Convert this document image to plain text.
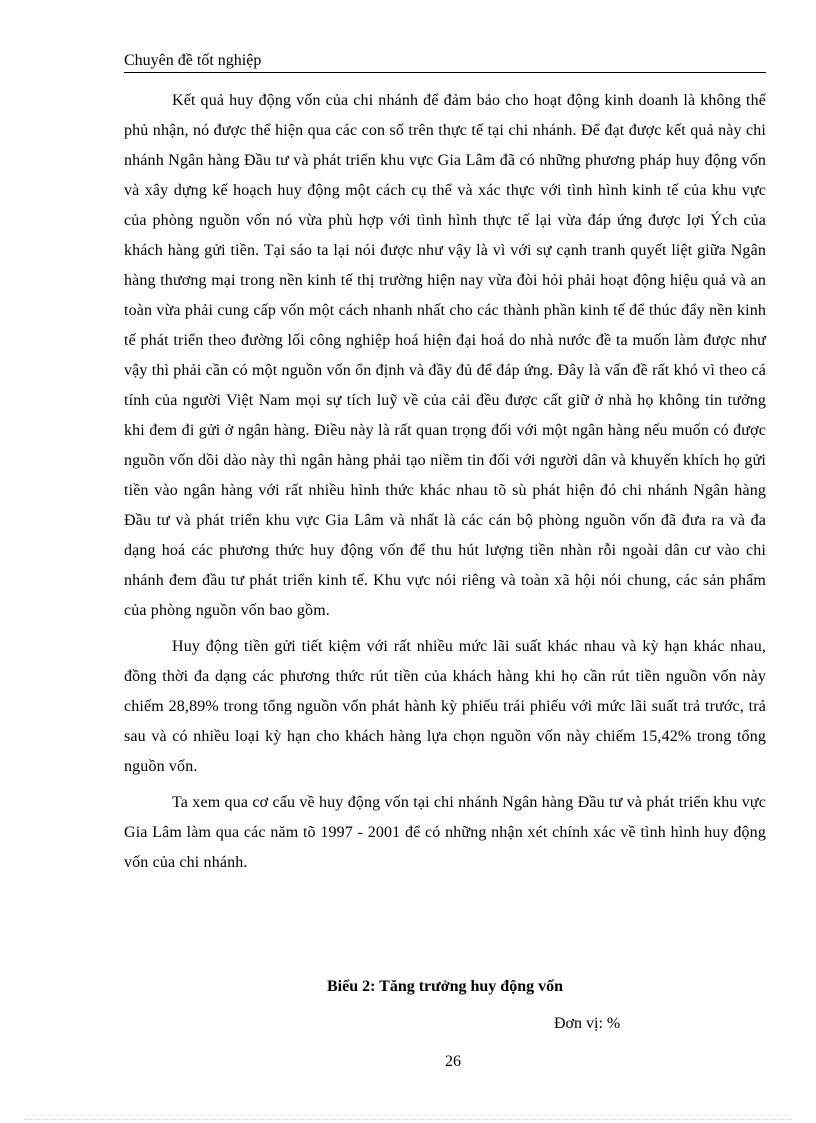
Chuyên đề tốt nghiệp

Kết quả huy động vốn của chi nhánh để đảm bảo cho hoạt động kinh doanh là không thể phủ nhận, nó được thể hiện qua các con số trên thực tế tại chi nhánh. Để đạt được kết quả này chi nhánh Ngân hàng Đầu tư và phát triển khu vực Gia Lâm đã có những phương pháp huy động vốn và xây dựng kế hoạch huy động một cách cụ thể và xác thực với tình hình kinh tế của khu vực của phòng nguồn vốn nó vừa phù hợp với tình hình thực tế lại vừa đáp ứng được lợi Ých của khách hàng gửi tiền. Tại sáo ta lại nói được như vậy là vì với sự cạnh tranh quyết liệt giữa Ngân hàng thương mại trong nền kinh tế thị trường hiện nay vừa đòi hỏi phải hoạt động hiệu quả và an toàn vừa phải cung cấp vốn một cách nhanh nhất cho các thành phần kinh tế để thúc đẩy nền kinh tế phát triển theo đường lối công nghiệp hoá hiện đại hoá do nhà nước đề ta muốn làm được như vậy thì phải cần có một nguồn vốn ổn định và đầy đủ để đáp ứng. Đây là vấn đề rất khó vì theo cá tính của người Việt Nam mọi sự tích luỹ về của cải đều được cất giữ ở nhà họ không tin tưởng khi đem đi gửi ở ngân hàng. Điều này là rất quan trọng đối với một ngân hàng nếu muốn có được nguồn vốn dồi dào này thì ngân hàng phải tạo niềm tin đối với người dân và khuyến khích họ gửi tiền vào ngân hàng với rất nhiều hình thức khác nhau tõ sù phát hiện đó chi nhánh Ngân hàng Đầu tư và phát triển khu vực Gia Lâm và nhất là các cán bộ phòng nguồn vốn đã đưa ra và đa dạng hoá các phương thức huy động vốn để thu hút lượng tiền nhàn rỗi ngoài dân cư vào chi nhánh đem đầu tư phát triển kinh tế. Khu vực nói riêng và toàn xã hội nói chung, các sản phẩm của phòng nguồn vốn bao gồm.

Huy động tiền gửi tiết kiệm với rất nhiều mức lãi suất khác nhau và kỳ hạn khác nhau, đồng thời đa dạng các phương thức rút tiền của khách hàng khi họ cần rút tiền nguồn vốn này chiếm 28,89% trong tổng nguồn vốn phát hành kỳ phiếu trái phiếu với mức lãi suất trả trước, trả sau và có nhiều loại kỳ hạn cho khách hàng lựa chọn nguồn vốn này chiếm 15,42% trong tổng nguồn vốn.

Ta xem qua cơ cấu về huy động vốn tại chi nhánh Ngân hàng Đầu tư và phát triển khu vực Gia Lâm làm qua các năm tõ 1997 - 2001 để có những nhận xét chính xác về tình hình huy động vốn của chi nhánh.

Biểu 2: Tăng trưởng huy động vốn
Đơn vị: %
26
